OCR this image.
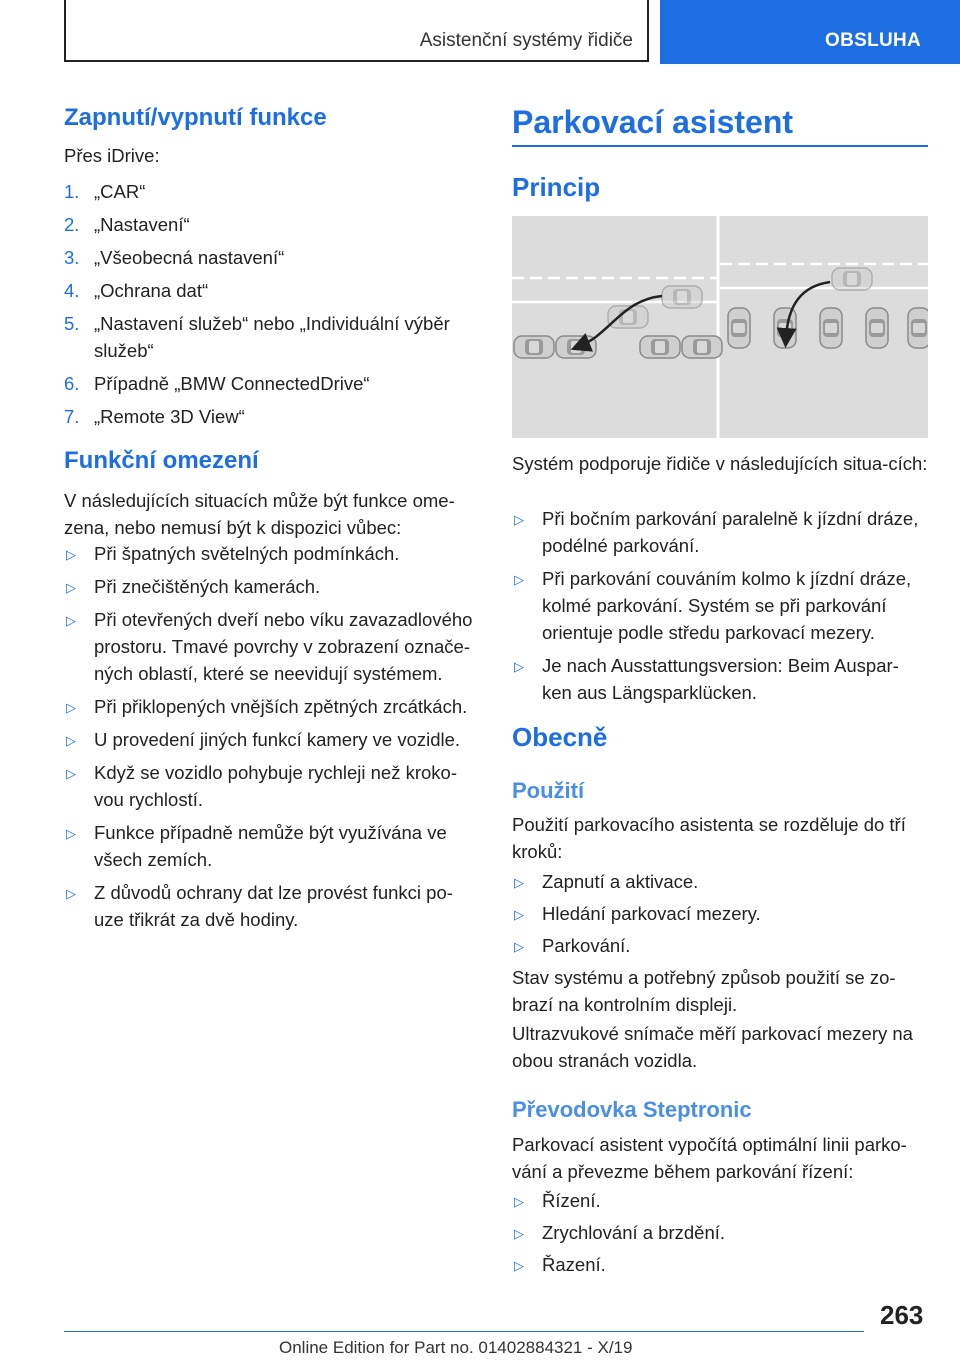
Asistenční systémy řidiče	OBSLUHA
Zapnutí/vypnutí funkce

Přes iDrive:

1. „CAR“
2. „Nastavení“
3. „Všeobecná nastavení“
4. „Ochrana dat“
5. „Nastavení služeb“ nebo „Individuální výběr služeb“
6. Případně „BMW ConnectedDrive“
7. „Remote 3D View“
Funkční omezení

V následujících situacích může být funkce ome-zena, nebo nemusí být k dispozici vůbec:

▷ Při špatných světelných podmínkách.
▷ Při znečištěných kamerách.
▷ Při otevřených dveří nebo víku zavazadlového prostoru. Tmavé povrchy v zobrazení označe-ných oblastí, které se neevidují systémem.
▷ Při přiklopených vnějších zpětných zrcátkách.
▷ U provedení jiných funkcí kamery ve vozidle.
▷ Když se vozidlo pohybuje rychleji než kroko-vou rychlostí.
▷ Funkce případně nemůže být využívána ve všech zemích.
▷ Z důvodů ochrany dat lze provést funkci po-uze třikrát za dvě hodiny.
Parkovací asistent
Princip

Systém podporuje řidiče v následujících situa-cích:

▷ Při bočním parkování paralelně k jízdní dráze, podélné parkování.
▷ Při parkování couváním kolmo k jízdní dráze, kolmé parkování. Systém se při parkování orientuje podle středu parkovací mezery.
▷ Je nach Ausstattungsversion: Beim Auspar-ken aus Längsparklücken.
Obecně
Použití

Použití parkovacího asistenta se rozděluje do tří kroků:

▷ Zapnutí a aktivace.
▷ Hledání parkovací mezery.
▷ Parkování.

Stav systému a potřebný způsob použití se zo-brazí na kontrolním displeji.

Ultrazvukové snímače měří parkovací mezery na obou stranách vozidla.

Převodovka Steptronic

Parkovací asistent vypočítá optimální linii parko-vání a převezme během parkování řízení:

▷ Řízení.
▷ Zrychlování a brzdění.
▷ Řazení.
263
Online Edition for Part no. 01402884321 - X/19
